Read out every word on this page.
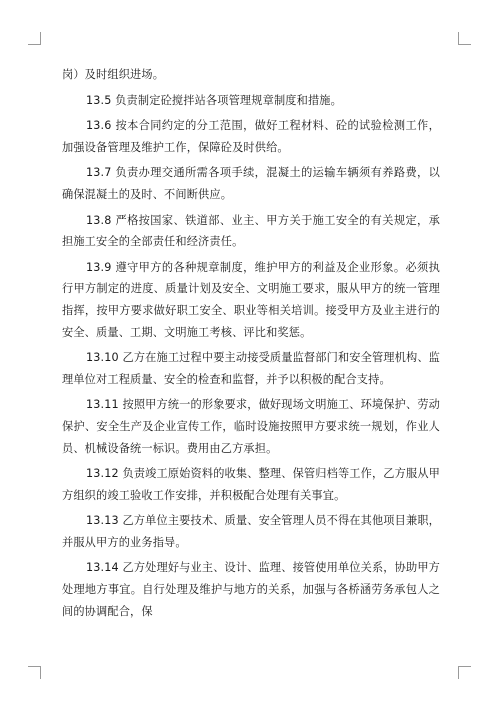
岗）及时组织进场。

13.5 负责制定砼搅拌站各项管理规章制度和措施。

13.6 按本合同约定的分工范围，做好工程材料、砼的试验检测工作，加强设备管理及维护工作，保障砼及时供给。

13.7 负责办理交通所需各项手续，混凝土的运输车辆须有养路费，以确保混凝土的及时、不间断供应。

13.8 严格按国家、铁道部、业主、甲方关于施工安全的有关规定，承担施工安全的全部责任和经济责任。

13.9 遵守甲方的各种规章制度，维护甲方的利益及企业形象。必须执行甲方制定的进度、质量计划及安全、文明施工要求，服从甲方的统一管理指挥，按甲方要求做好职工安全、职业等相关培训。接受甲方及业主进行的安全、质量、工期、文明施工考核、评比和奖惩。

13.10 乙方在施工过程中要主动接受质量监督部门和安全管理机构、监理单位对工程质量、安全的检查和监督，并予以积极的配合支持。

13.11 按照甲方统一的形象要求，做好现场文明施工、环境保护、劳动保护、安全生产及企业宣传工作，临时设施按照甲方要求统一规划，作业人员、机械设备统一标识。费用由乙方承担。

13.12 负责竣工原始资料的收集、整理、保管归档等工作，乙方服从甲方组织的竣工验收工作安排，并积极配合处理有关事宜。

13.13 乙方单位主要技术、质量、安全管理人员不得在其他项目兼职，并服从甲方的业务指导。

13.14 乙方处理好与业主、设计、监理、接管使用单位关系，协助甲方处理地方事宜。自行处理及维护与地方的关系，加强与各桥涵劳务承包人之间的协调配合，保
